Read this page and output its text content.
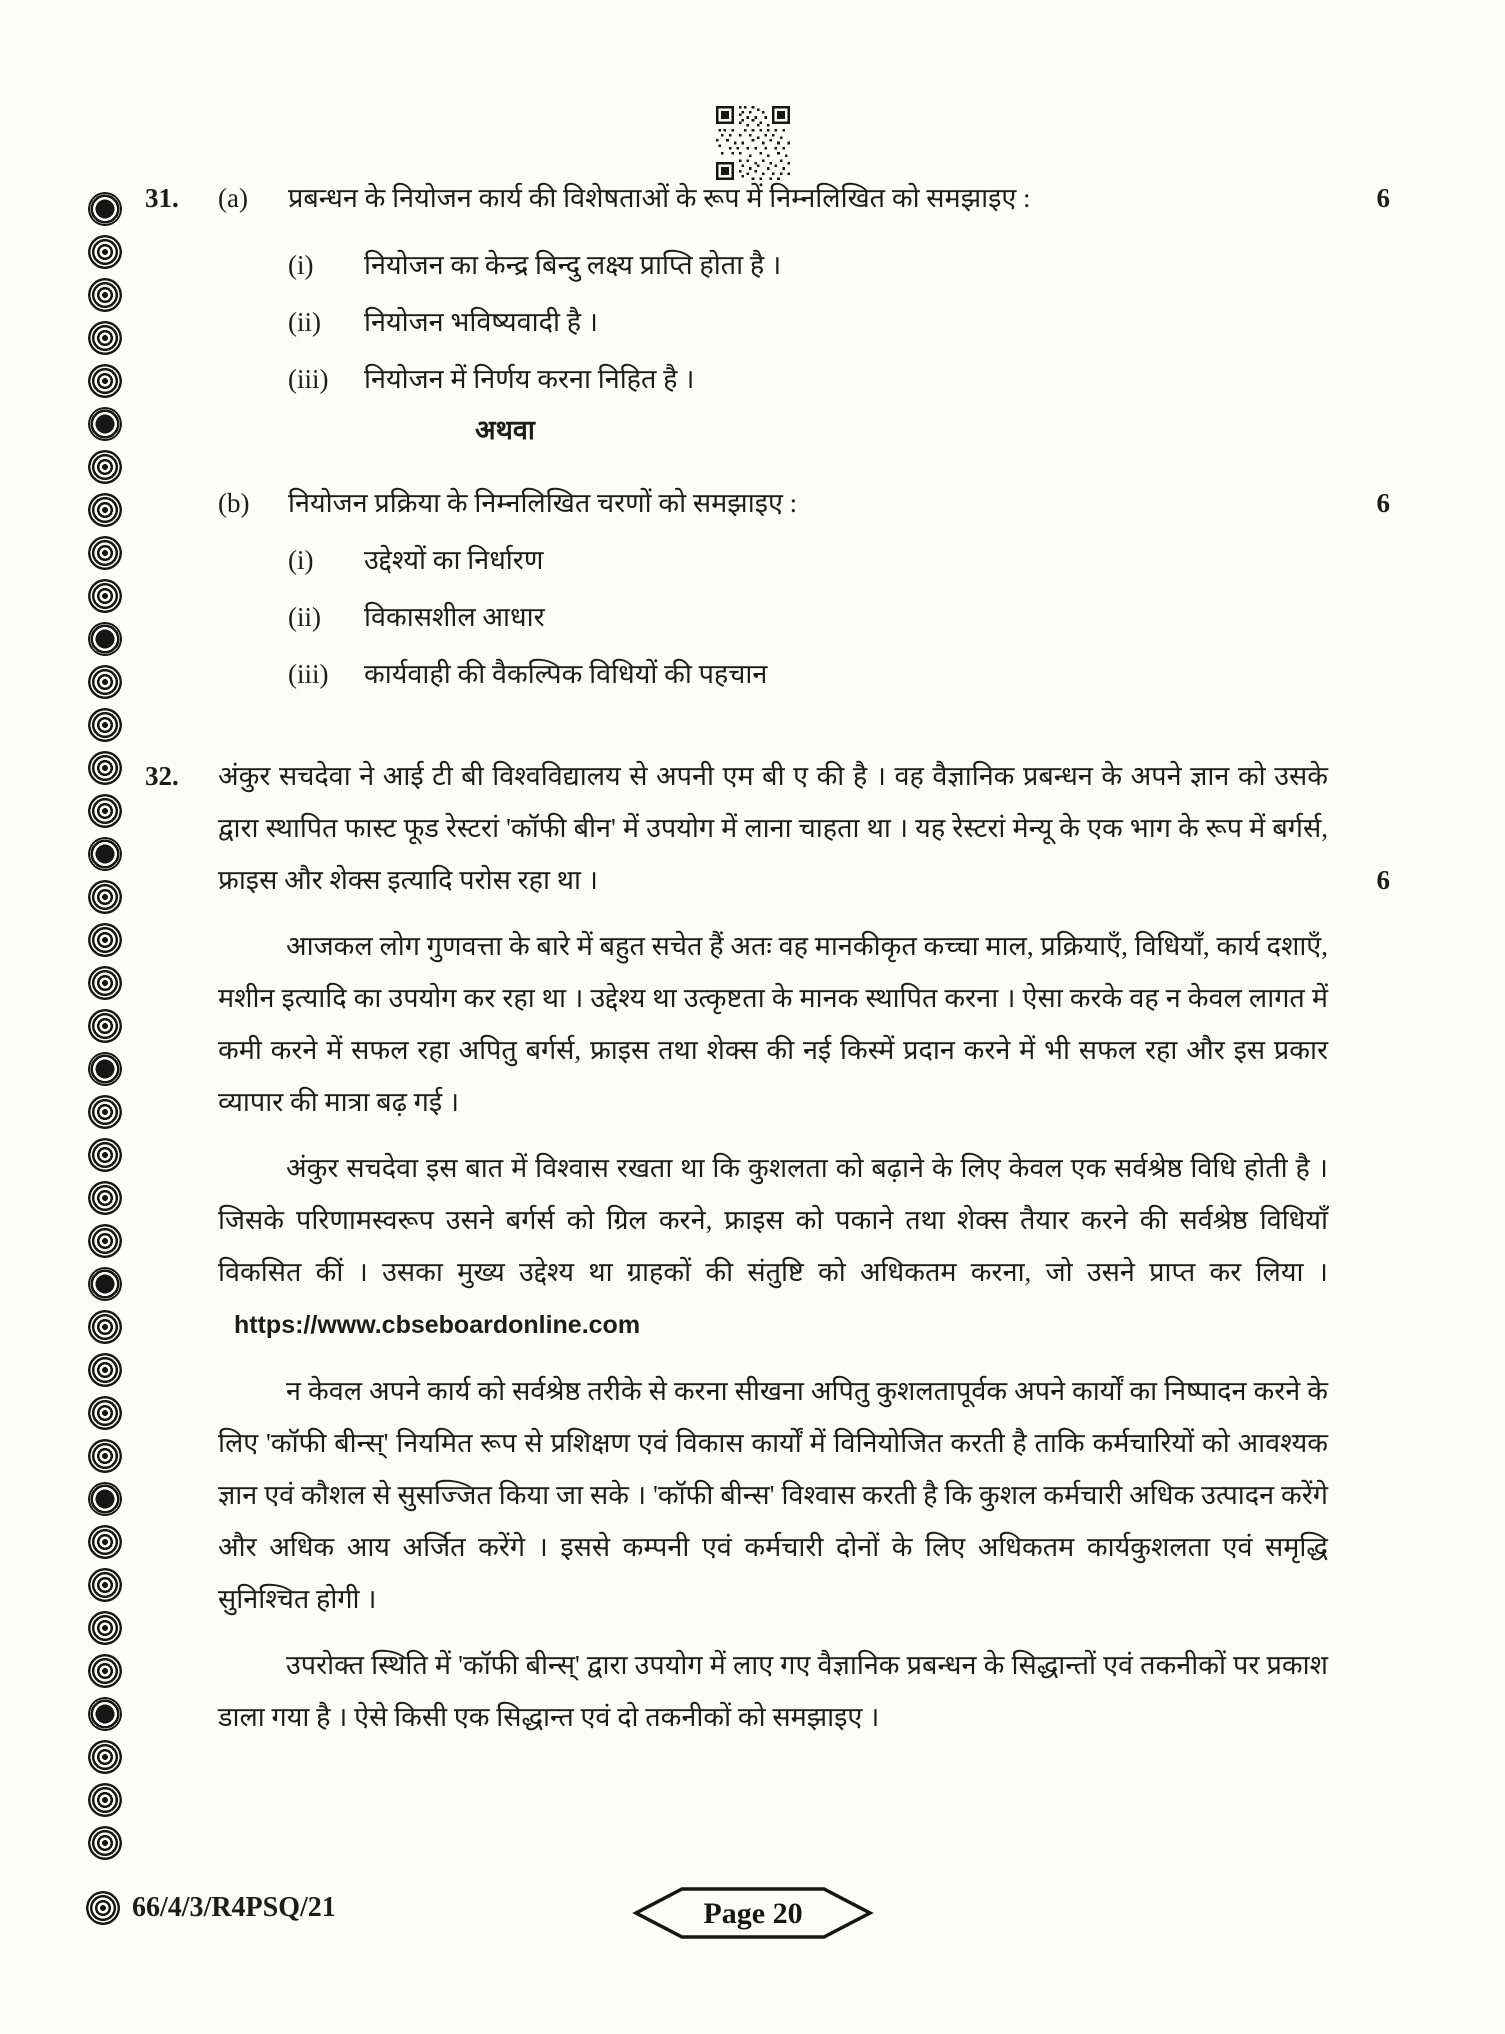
31.	(a)	प्रबन्धन के नियोजन कार्य की विशेषताओं के रूप में निम्नलिखित को समझाइए :	6
(i)	नियोजन का केन्द्र बिन्दु लक्ष्य प्राप्ति होता है ।
(ii)	नियोजन भविष्यवादी है ।
(iii)	नियोजन में निर्णय करना निहित है ।
अथवा
(b)	नियोजन प्रक्रिया के निम्नलिखित चरणों को समझाइए :	6
(i)	उद्देश्यों का निर्धारण
(ii)	विकासशील आधार
(iii)	कार्यवाही की वैकल्पिक विधियों की पहचान
32.
6

अंकुर सचदेवा ने आई टी बी विश्वविद्यालय से अपनी एम बी ए की है । वह वैज्ञानिक प्रबन्धन के अपने ज्ञान को उसके द्वारा स्थापित फास्ट फूड रेस्टरां 'कॉफी बीन' में उपयोग में लाना चाहता था । यह रेस्टरां मेन्यू के एक भाग के रूप में बर्गर्स, फ्राइस और शेक्स इत्यादि परोस रहा था ।

आजकल लोग गुणवत्ता के बारे में बहुत सचेत हैं अतः वह मानकीकृत कच्चा माल, प्रक्रियाएँ, विधियाँ, कार्य दशाएँ, मशीन इत्यादि का उपयोग कर रहा था । उद्देश्य था उत्कृष्टता के मानक स्थापित करना । ऐसा करके वह न केवल लागत में कमी करने में सफल रहा अपितु बर्गर्स, फ्राइस तथा शेक्स की नई किस्में प्रदान करने में भी सफल रहा और इस प्रकार व्यापार की मात्रा बढ़ गई ।

अंकुर सचदेवा इस बात में विश्वास रखता था कि कुशलता को बढ़ाने के लिए केवल एक सर्वश्रेष्ठ विधि होती है । जिसके परिणामस्वरूप उसने बर्गर्स को ग्रिल करने, फ्राइस को पकाने तथा शेक्स तैयार करने की सर्वश्रेष्ठ विधियाँ विकसित कीं । उसका मुख्य उद्देश्य था ग्राहकों की संतुष्टि को अधिकतम करना, जो उसने प्राप्त कर लिया ।https://www.cbseboardonline.com

न केवल अपने कार्य को सर्वश्रेष्ठ तरीके से करना सीखना अपितु कुशलतापूर्वक अपने कार्यों का निष्पादन करने के लिए 'कॉफी बीन्स्' नियमित रूप से प्रशिक्षण एवं विकास कार्यों में विनियोजित करती है ताकि कर्मचारियों को आवश्यक ज्ञान एवं कौशल से सुसज्जित किया जा सके । 'कॉफी बीन्स' विश्वास करती है कि कुशल कर्मचारी अधिक उत्पादन करेंगे और अधिक आय अर्जित करेंगे । इससे कम्पनी एवं कर्मचारी दोनों के लिए अधिकतम कार्यकुशलता एवं समृद्धि सुनिश्चित होगी ।

उपरोक्त स्थिति में 'कॉफी बीन्स्' द्वारा उपयोग में लाए गए वैज्ञानिक प्रबन्धन के सिद्धान्तों एवं तकनीकों पर प्रकाश डाला गया है । ऐसे किसी एक सिद्धान्त एवं दो तकनीकों को समझाइए ।

66/4/3/R4PSQ/21	Page 20
